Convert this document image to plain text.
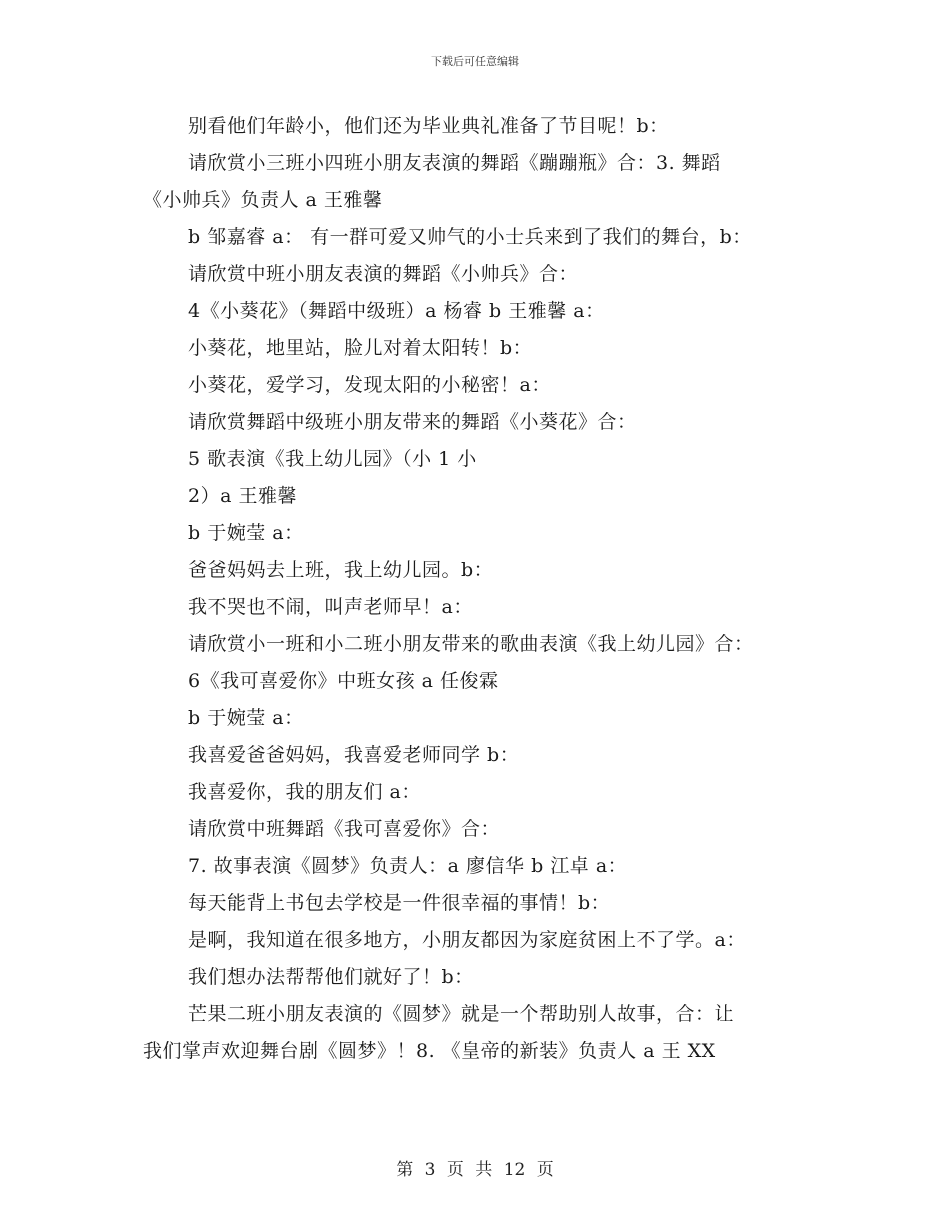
下载后可任意编辑
别看他们年龄小，他们还为毕业典礼准备了节目呢！b：
请欣赏小三班小四班小朋友表演的舞蹈《蹦蹦瓶》合：3. 舞蹈
《小帅兵》负责人 a 王雅馨
b 邹嘉睿 a： 有一群可爱又帅气的小士兵来到了我们的舞台，b：
请欣赏中班小朋友表演的舞蹈《小帅兵》合：
4《小葵花》（舞蹈中级班）a 杨睿 b 王雅馨 a：
小葵花，地里站，脸儿对着太阳转！b：
小葵花，爱学习，发现太阳的小秘密！a：
请欣赏舞蹈中级班小朋友带来的舞蹈《小葵花》合：
5 歌表演《我上幼儿园》（小 1 小
2）a 王雅馨
b 于婉莹 a：
爸爸妈妈去上班，我上幼儿园。b：
我不哭也不闹，叫声老师早！a：
请欣赏小一班和小二班小朋友带来的歌曲表演《我上幼儿园》合：
6《我可喜爱你》中班女孩 a 任俊霖
b 于婉莹 a：
我喜爱爸爸妈妈，我喜爱老师同学 b：
我喜爱你，我的朋友们 a：
请欣赏中班舞蹈《我可喜爱你》合：
7. 故事表演《圆梦》负责人：a 廖信华 b 江卓 a：
每天能背上书包去学校是一件很幸福的事情！b：
是啊，我知道在很多地方，小朋友都因为家庭贫困上不了学。a：
我们想办法帮帮他们就好了！b：
芒果二班小朋友表演的《圆梦》就是一个帮助别人故事，合：让
我们掌声欢迎舞台剧《圆梦》！8. 《皇帝的新装》负责人 a 王 XX
第 3 页 共 12 页
